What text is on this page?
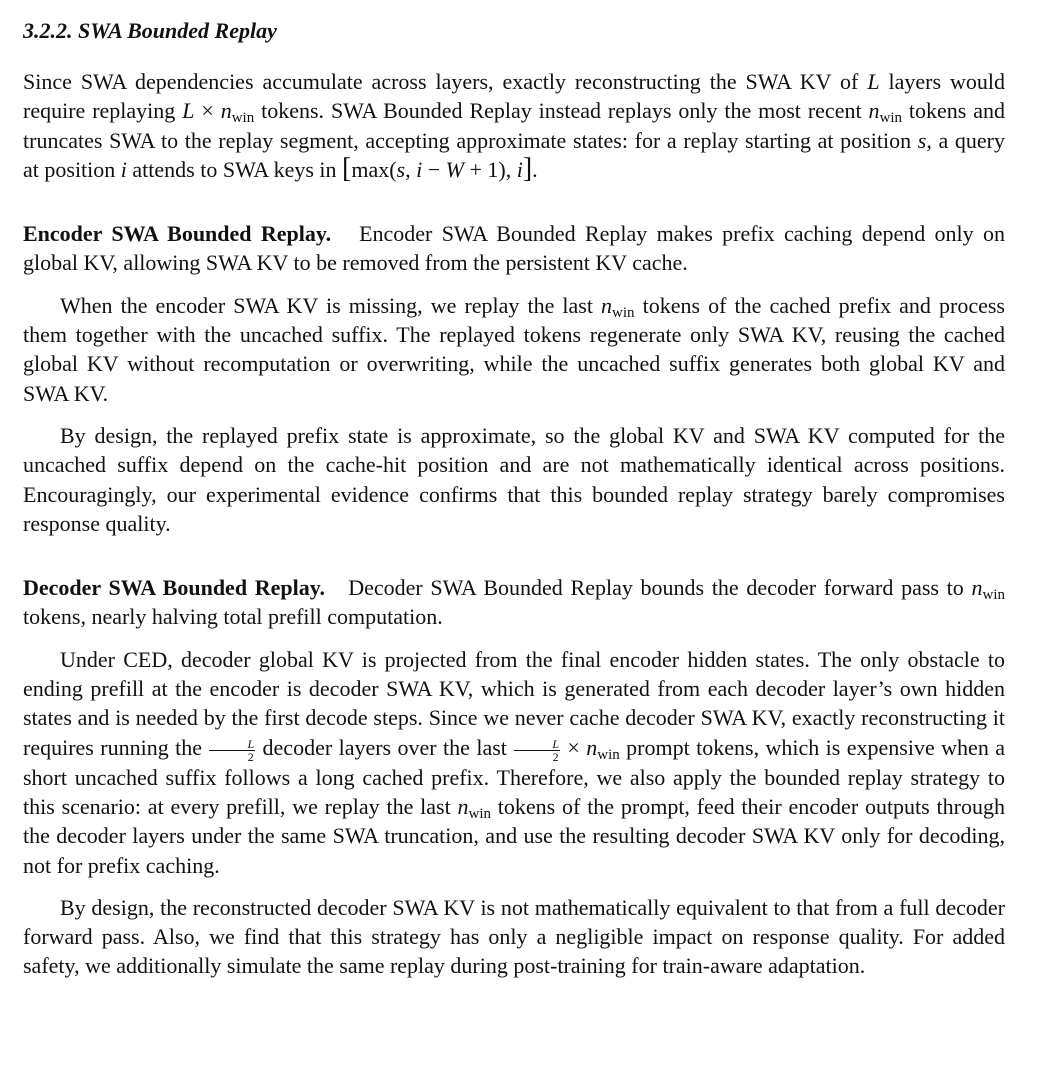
3.2.2. SWA Bounded Replay

Since SWA dependencies accumulate across layers, exactly reconstructing the SWA KV of L layers would require replaying $L \times n_{win}$ tokens. SWA Bounded Replay instead replays only the most recent $n_{win}$ tokens and truncates SWA to the replay segment, accepting approximate states: for a replay starting at position s, a query at position i attends to SWA keys in [max(s, i − W + 1), i].

Encoder SWA Bounded Replay. Encoder SWA Bounded Replay makes prefix caching depend only on global KV, allowing SWA KV to be removed from the persistent KV cache.

When the encoder SWA KV is missing, we replay the last $n_{win}$ tokens of the cached prefix and process them together with the uncached suffix. The replayed tokens regenerate only SWA KV, reusing the cached global KV without recomputation or overwriting, while the uncached suffix generates both global KV and SWA KV.

By design, the replayed prefix state is approximate, so the global KV and SWA KV computed for the uncached suffix depend on the cache-hit position and are not mathematically identical across positions. Encouragingly, our experimental evidence confirms that this bounded replay strategy barely compromises response quality.

Decoder SWA Bounded Replay. Decoder SWA Bounded Replay bounds the decoder forward pass to $n_{win}$ tokens, nearly halving total prefill computation.

Under CED, decoder global KV is projected from the final encoder hidden states. The only obstacle to ending prefill at the encoder is decoder SWA KV, which is generated from each decoder layer’s own hidden states and is needed by the first decode steps. Since we never cache decoder SWA KV, exactly reconstructing it requires running the $\frac{L}{2}$ decoder layers over the last $\frac{L}{2} \times n_{win}$ prompt tokens, which is expensive when a short uncached suffix follows a long cached prefix. Therefore, we also apply the bounded replay strategy to this scenario: at every prefill, we replay the last $n_{win}$ tokens of the prompt, feed their encoder outputs through the decoder layers under the same SWA truncation, and use the resulting decoder SWA KV only for decoding, not for prefix caching.

By design, the reconstructed decoder SWA KV is not mathematically equivalent to that from a full decoder forward pass. Also, we find that this strategy has only a negligible impact on response quality. For added safety, we additionally simulate the same replay during post-training for train-aware adaptation.
